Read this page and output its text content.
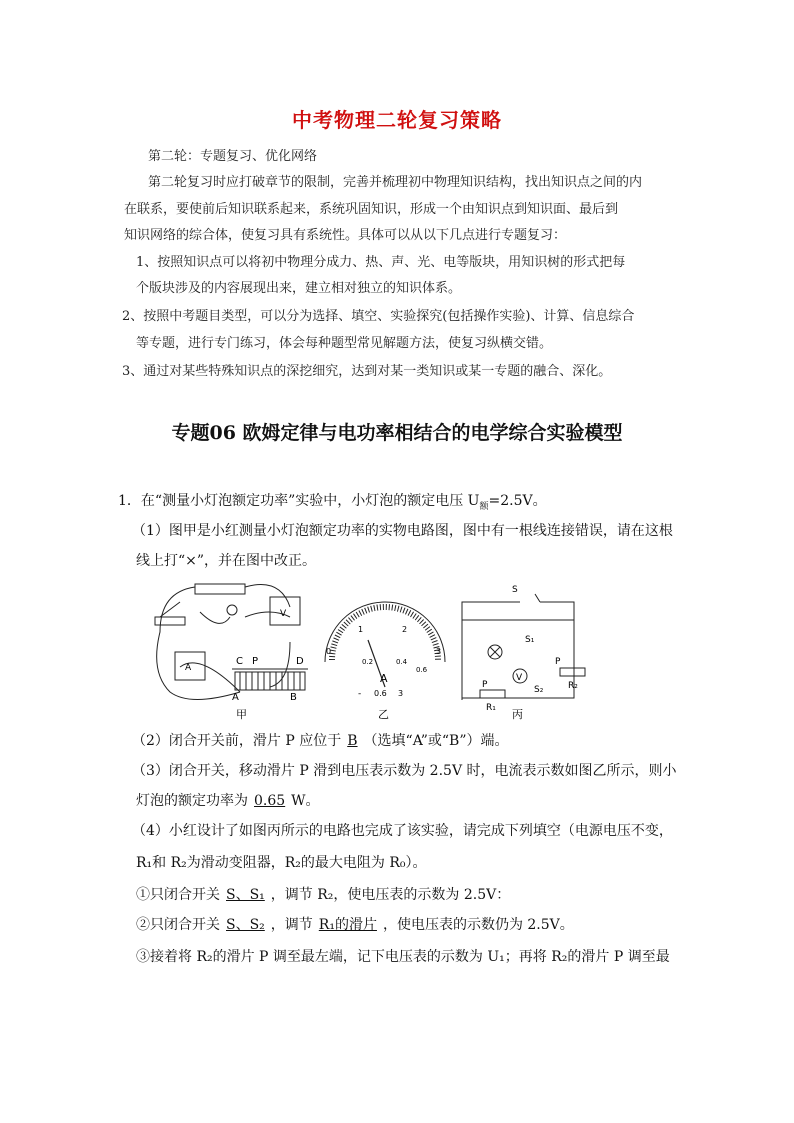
中考物理二轮复习策略
第二轮：专题复习、优化网络
第二轮复习时应打破章节的限制，完善并梳理初中物理知识结构，找出知识点之间的内
在联系，要使前后知识联系起来，系统巩固知识，形成一个由知识点到知识面、最后到
知识网络的综合体，使复习具有系统性。具体可以从以下几点进行专题复习：
1、按照知识点可以将初中物理分成力、热、声、光、电等版块，用知识树的形式把每
个版块涉及的内容展现出来，建立相对独立的知识体系。
2、按照中考题目类型，可以分为选择、填空、实验探究(包括操作实验)、计算、信息综合
等专题，进行专门练习，体会每种题型常见解题方法，使复习纵横交错。
3、通过对某些特殊知识点的深挖细究，达到对某一类知识或某一专题的融合、深化。
专题06 欧姆定律与电功率相结合的电学综合实验模型
1．在“测量小灯泡额定功率”实验中，小灯泡的额定电压 $U_额=2.5V$。
（1）图甲是小红测量小灯泡额定功率的实物电路图，图中有一根线连接错误，请在这根
线上打“×”，并在图中改正。
V
A
C P	D
A	B
甲
0
1	2
3
0.2	0.4
0.6
A
- 0.6 3
乙
S
S₁
S₂
V
P
P
R₁
R₂
丙
（2）闭合开关前，滑片 P 应位于 B （选填“A”或“B”）端。
（3）闭合开关，移动滑片 P 滑到电压表示数为 2.5V 时，电流表示数如图乙所示，则小
灯泡的额定功率为 0.65 W。
（4）小红设计了如图丙所示的电路也完成了该实验，请完成下列填空（电源电压不变，
R₁和 R₂为滑动变阻器，R₂的最大电阻为 R₀）。
①只闭合开关 S、S₁ ，调节 R₂，使电压表的示数为 2.5V：
②只闭合开关 S、S₂ ，调节 R₁的滑片 ，使电压表的示数仍为 2.5V。
③接着将 R₂的滑片 P 调至最左端，记下电压表的示数为 U₁；再将 R₂的滑片 P 调至最
